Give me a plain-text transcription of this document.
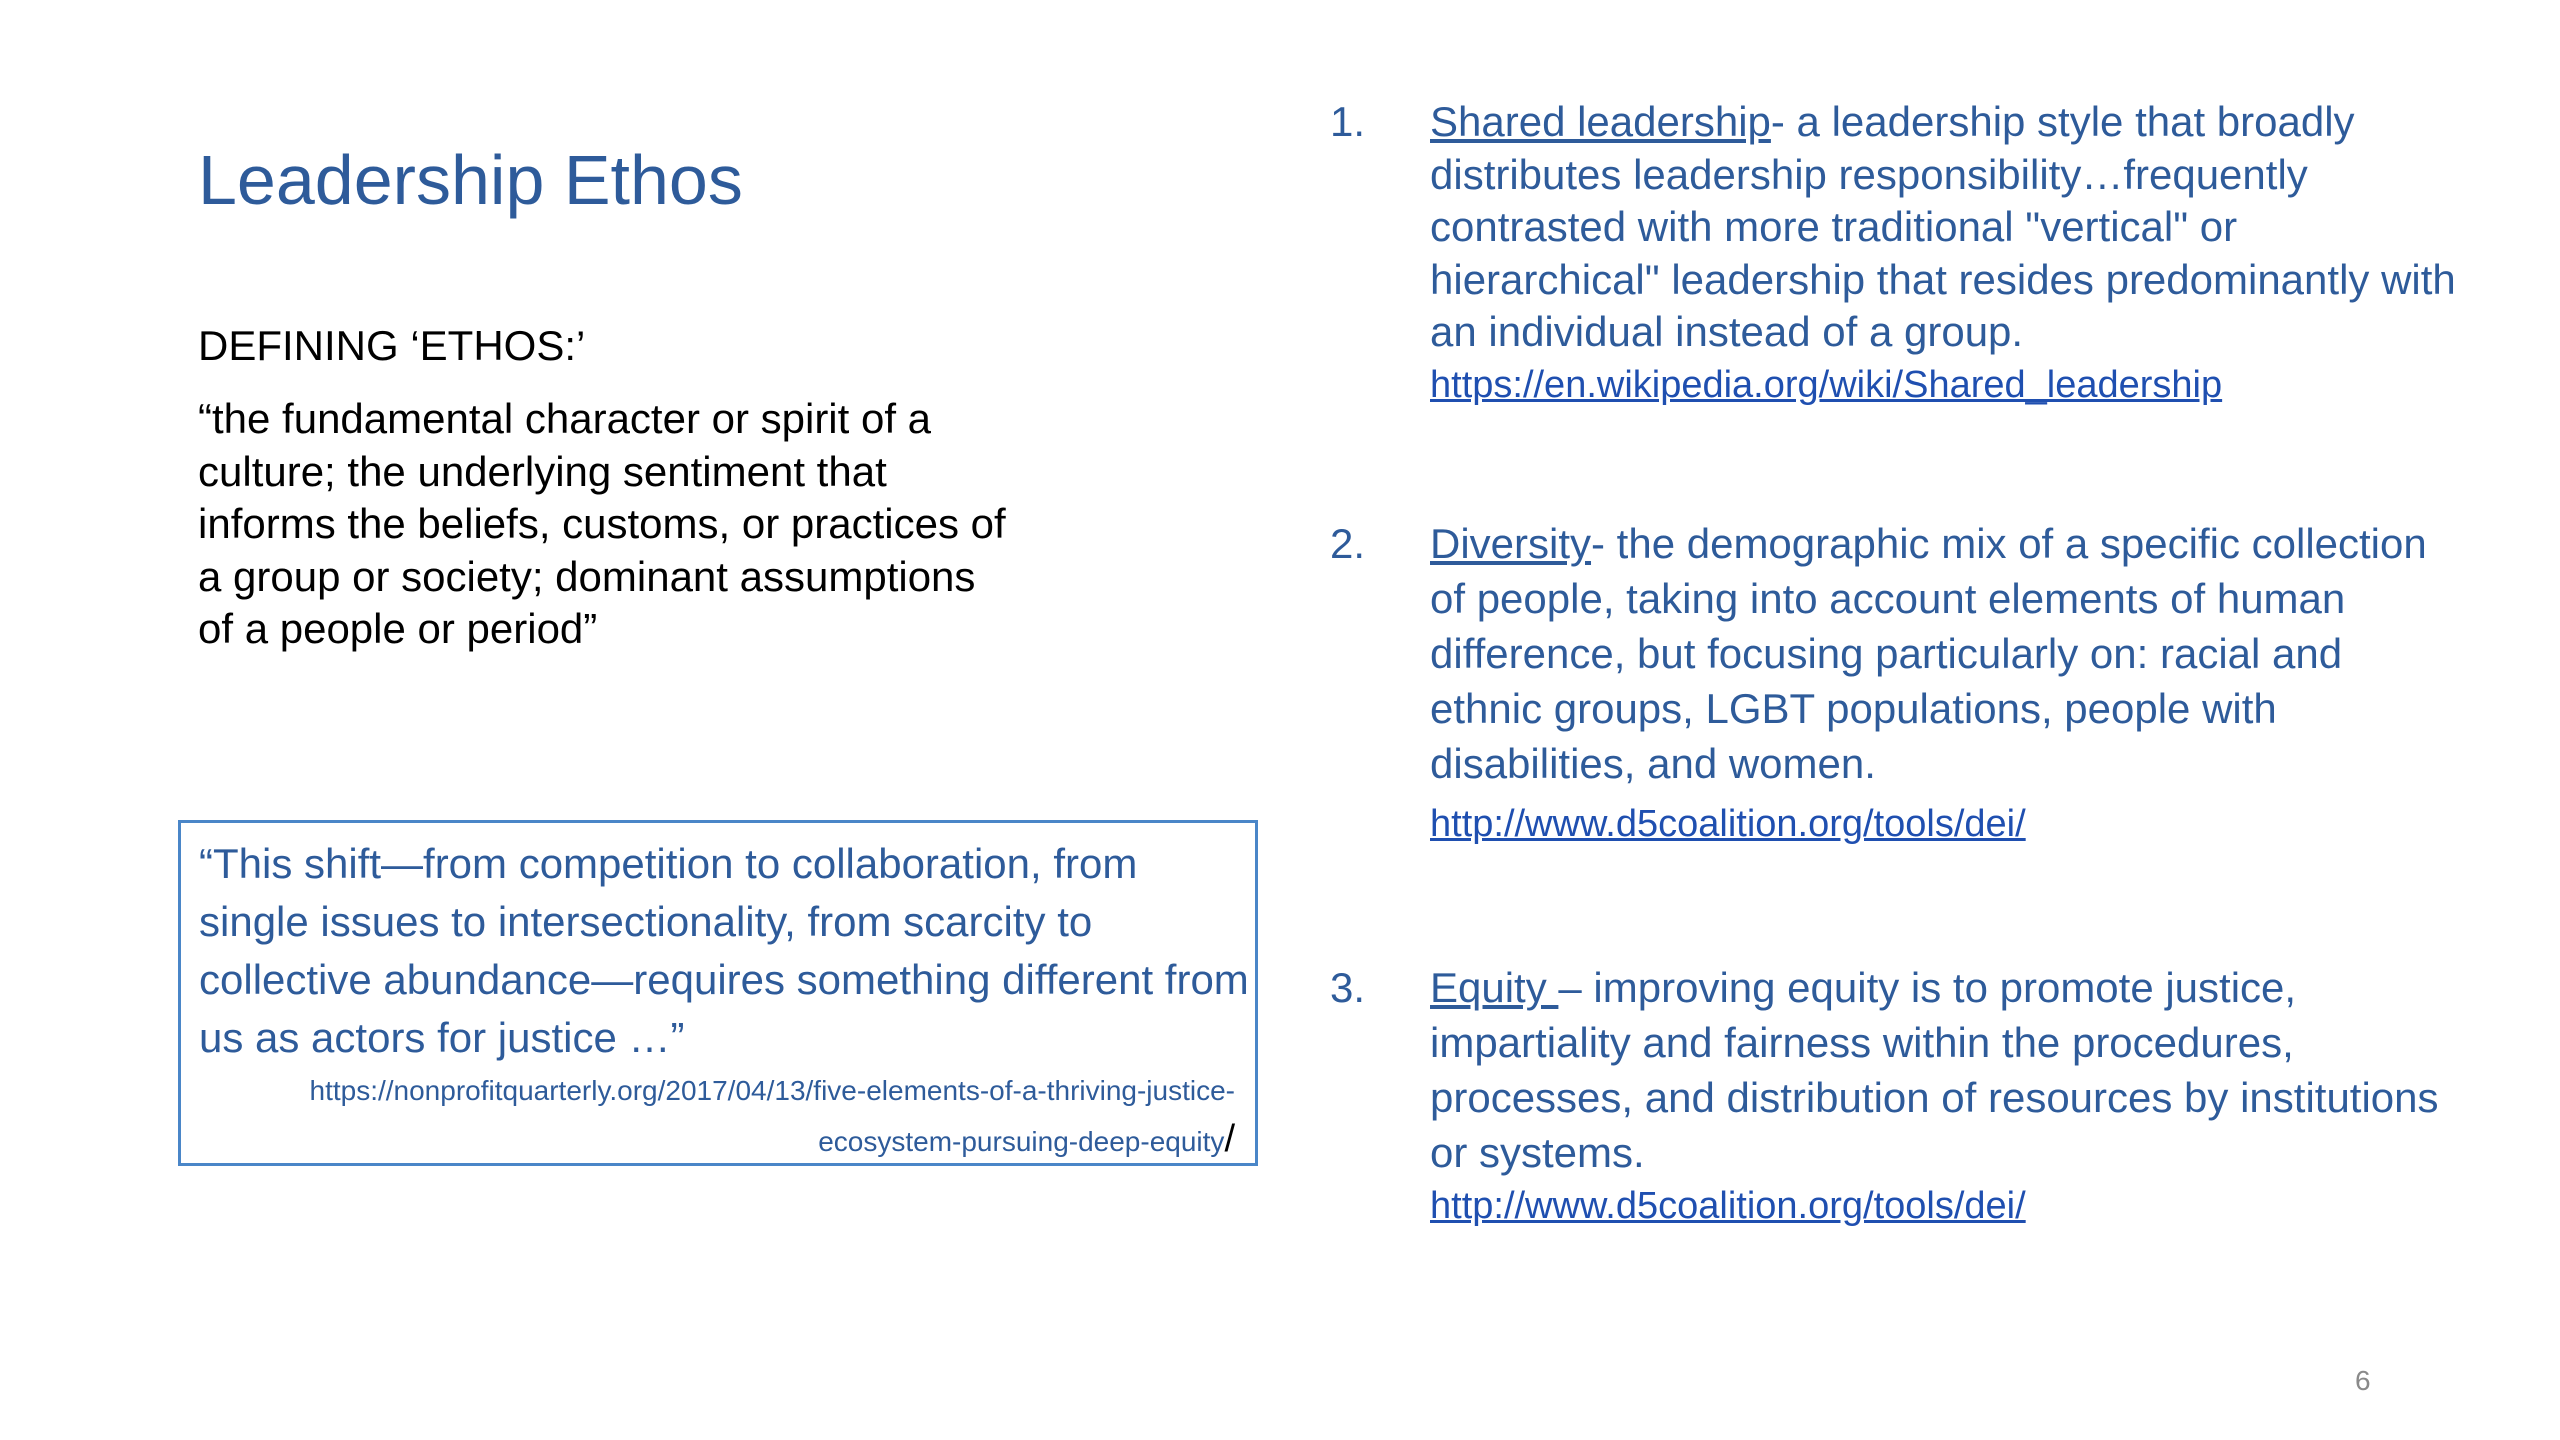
Leadership Ethos
DEFINING ‘ETHOS:’
“the fundamental character or spirit of a culture; the underlying sentiment that informs the beliefs, customs, or practices of a group or society; dominant assumptions of a people or period”
“This shift—from competition to collaboration, from single issues to intersectionality, from scarcity to collective abundance—requires something different from us as actors for justice …”
https://nonprofitquarterly.org/2017/04/13/five-elements-of-a-thriving-justice-ecosystem-pursuing-deep-equity/
1. Shared leadership- a leadership style that broadly distributes leadership responsibility…frequently contrasted with more traditional "vertical" or hierarchical" leadership that resides predominantly with an individual instead of a group.
https://en.wikipedia.org/wiki/Shared_leadership
2. Diversity- the demographic mix of a specific collection of people, taking into account elements of human difference, but focusing particularly on: racial and ethnic groups, LGBT populations, people with disabilities, and women. http://www.d5coalition.org/tools/dei/
3. Equity – improving equity is to promote justice, impartiality and fairness within the procedures, processes, and distribution of resources by institutions or systems.
http://www.d5coalition.org/tools/dei/
6
